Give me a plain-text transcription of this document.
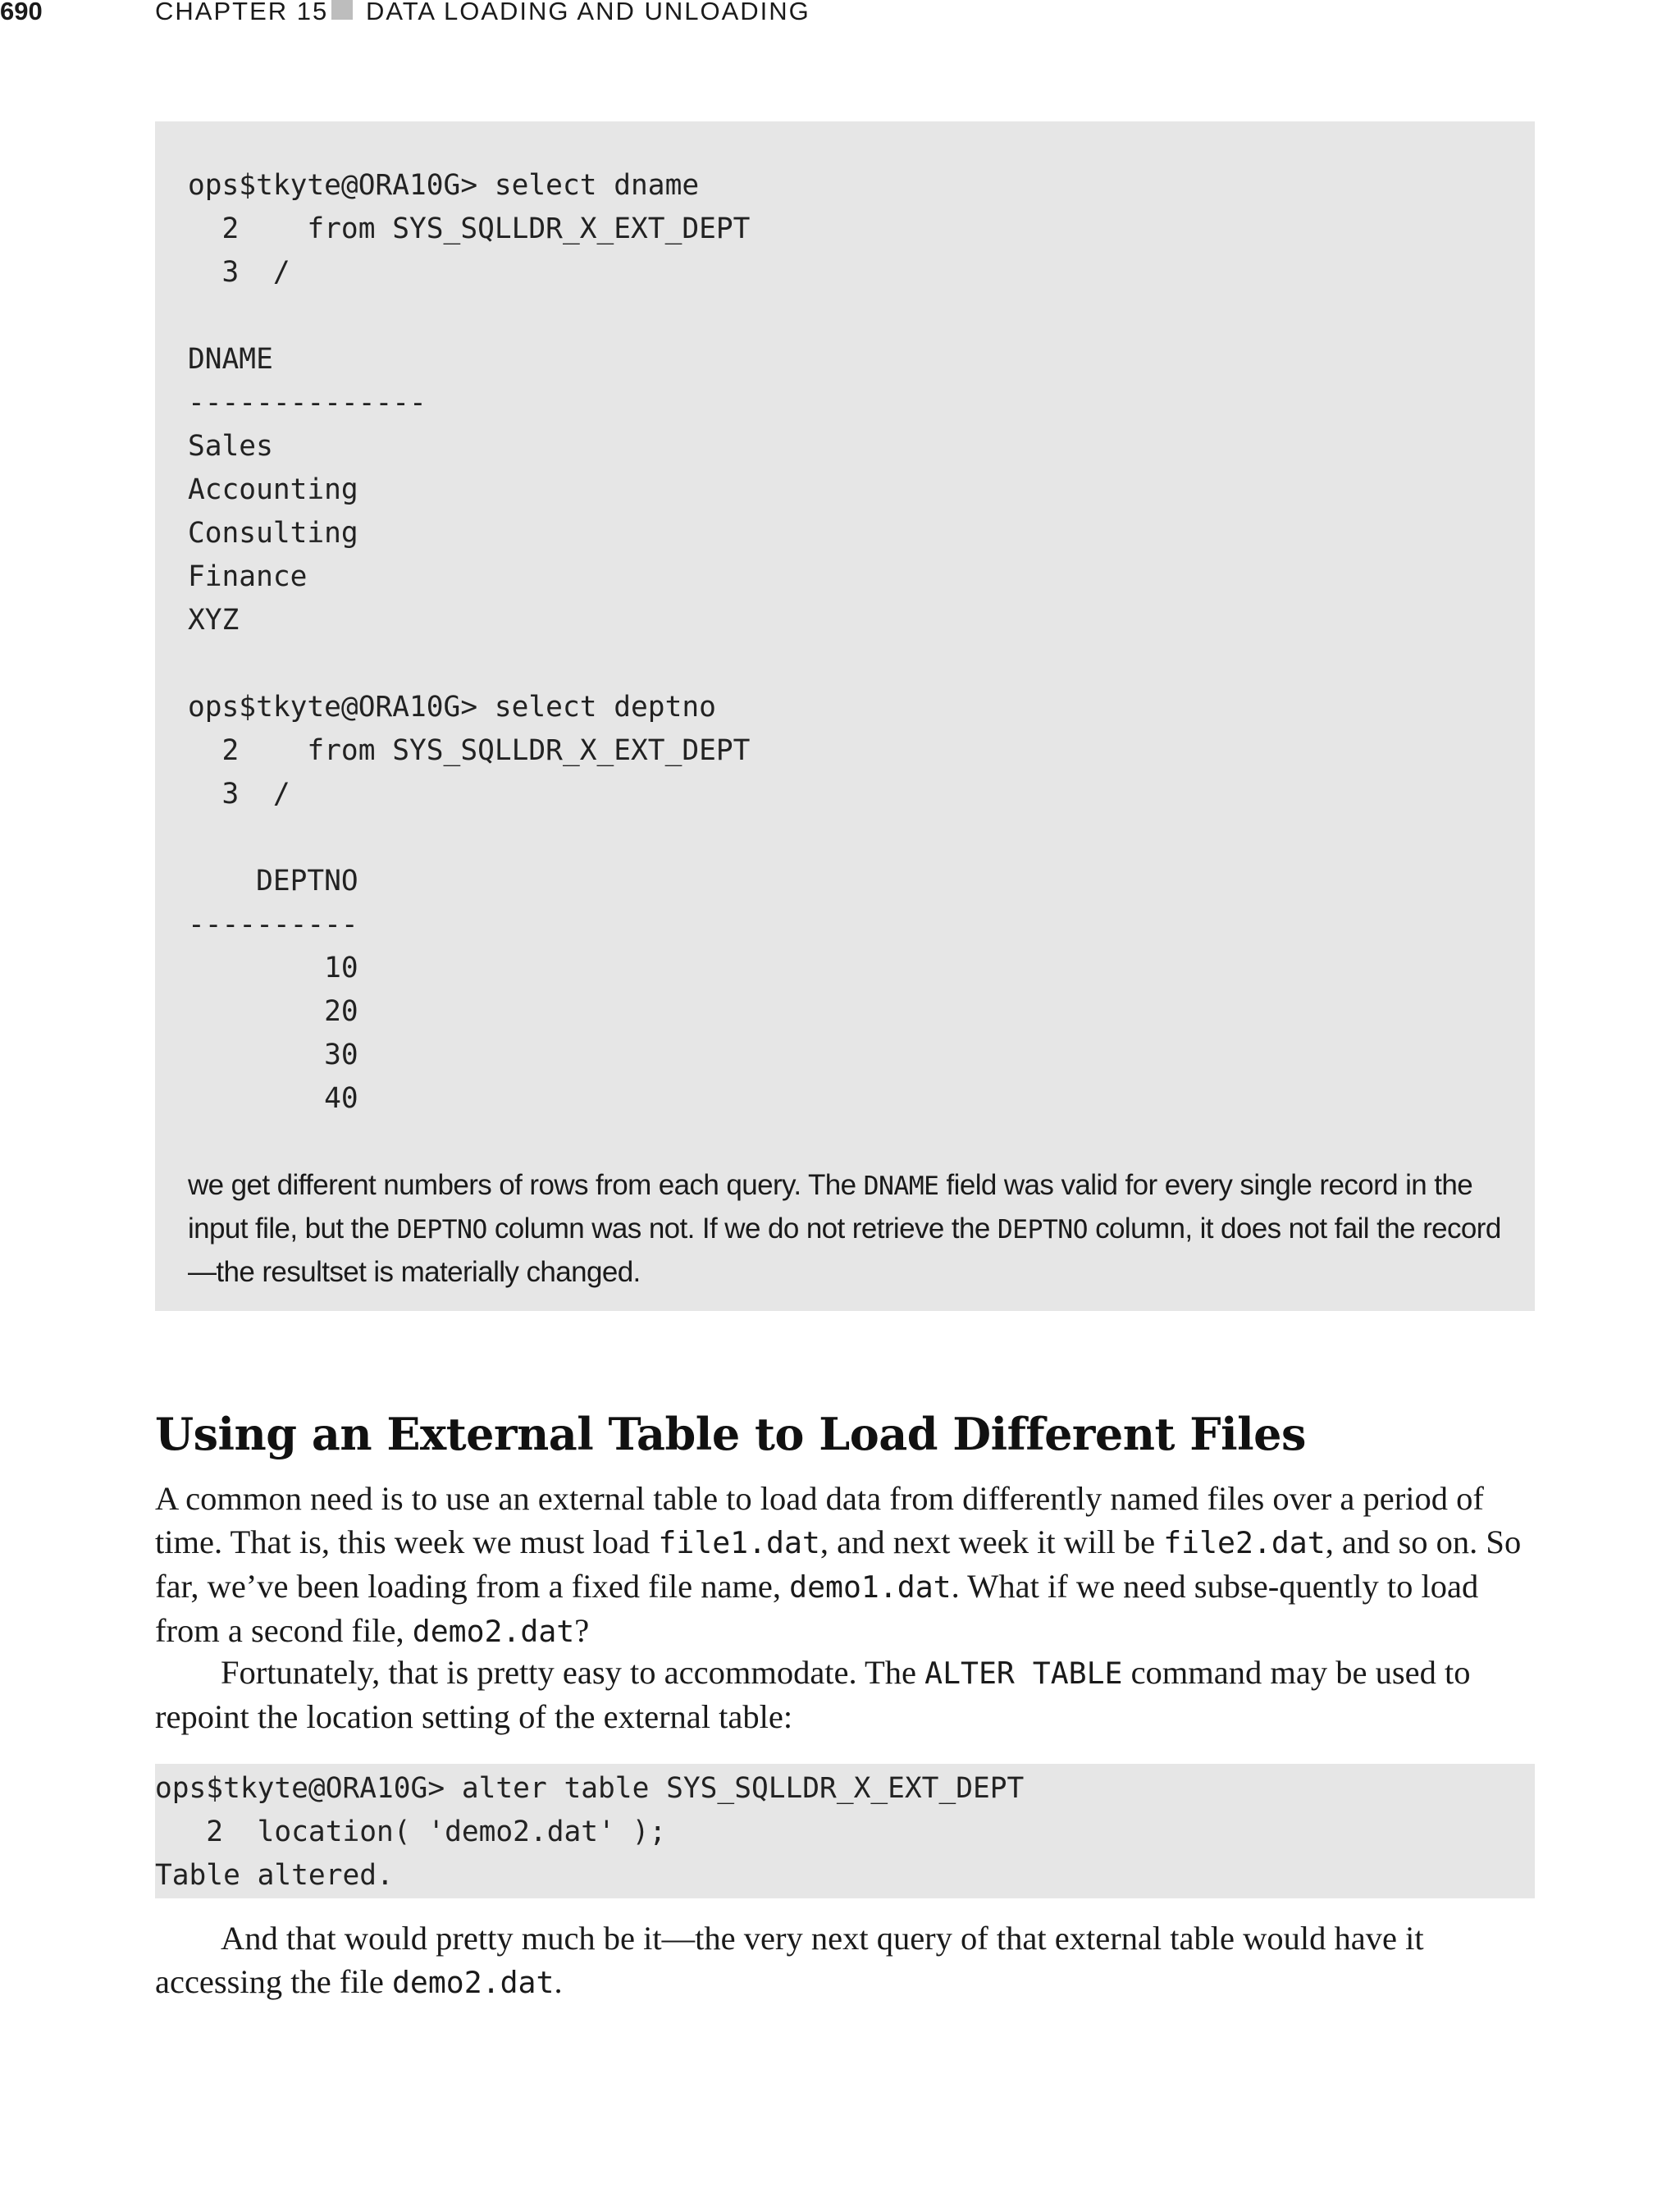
690	CHAPTER 15 DATA LOADING AND UNLOADING
ops$tkyte@ORA10G> select dname
2    from SYS_SQLLDR_X_EXT_DEPT
3  /

DNAME
--------------
Sales
Accounting
Consulting
Finance
XYZ

ops$tkyte@ORA10G> select deptno
2    from SYS_SQLLDR_X_EXT_DEPT
3  /

DEPTNO
----------
10
20
30
40

we get different numbers of rows from each query. The DNAME field was valid for every single record in the input file, but the DEPTNO column was not. If we do not retrieve the DEPTNO column, it does not fail the record—the resultset is materially changed.

Using an External Table to Load Different Files

A common need is to use an external table to load data from differently named files over a period of time. That is, this week we must load file1.dat, and next week it will be file2.dat, and so on. So far, we’ve been loading from a fixed file name, demo1.dat. What if we need subse-quently to load from a second file, demo2.dat?

Fortunately, that is pretty easy to accommodate. The ALTER TABLE command may be used to repoint the location setting of the external table:

ops$tkyte@ORA10G> alter table SYS_SQLLDR_X_EXT_DEPT
2  location( 'demo2.dat' );
Table altered.

And that would pretty much be it—the very next query of that external table would have it accessing the file demo2.dat.
